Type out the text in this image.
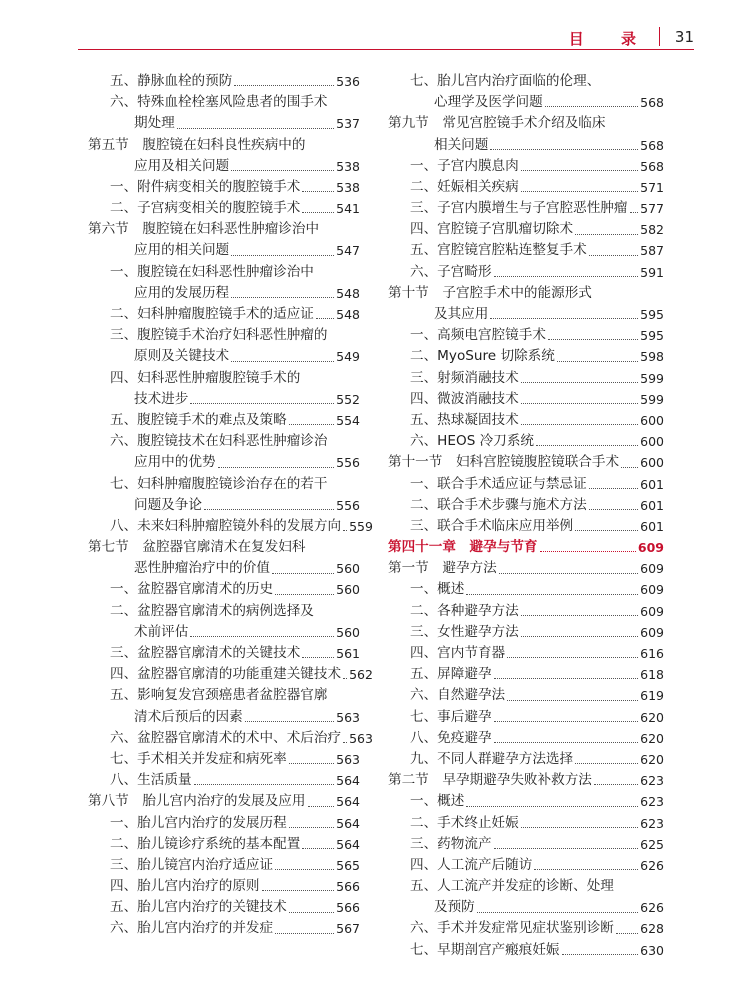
目 录 31
五、静脉血栓的预防	536
六、特殊血栓栓塞风险患者的围手术
期处理	537
第五节　腹腔镜在妇科良性疾病中的
应用及相关问题	538
一、附件病变相关的腹腔镜手术	538
二、子宫病变相关的腹腔镜手术	541
第六节　腹腔镜在妇科恶性肿瘤诊治中
应用的相关问题	547
一、腹腔镜在妇科恶性肿瘤诊治中
应用的发展历程	548
二、妇科肿瘤腹腔镜手术的适应证 548
三、腹腔镜手术治疗妇科恶性肿瘤的
原则及关键技术	549
四、妇科恶性肿瘤腹腔镜手术的
技术进步	552
五、腹腔镜手术的难点及策略	554
六、腹腔镜技术在妇科恶性肿瘤诊治
应用中的优势	556
七、妇科肿瘤腹腔镜诊治存在的若干
问题及争论	556
八、未来妇科肿瘤腔镜外科的发展方向 559
第七节　盆腔器官廓清术在复发妇科
恶性肿瘤治疗中的价值	560
一、盆腔器官廓清术的历史	560
二、盆腔器官廓清术的病例选择及
术前评估	560
三、盆腔器官廓清术的关键技术	561
四、盆腔器官廓清的功能重建关键技术 562
五、影响复发宫颈癌患者盆腔器官廓
清术后预后的因素	563
六、盆腔器官廓清术的术中、术后治疗 563
七、手术相关并发症和病死率	563
八、生活质量	564
第八节　胎儿宫内治疗的发展及应用 564
一、胎儿宫内治疗的发展历程	564
二、胎儿镜诊疗系统的基本配置	564
三、胎儿镜宫内治疗适应证	565
四、胎儿宫内治疗的原则	566
五、胎儿宫内治疗的关键技术	566
六、胎儿宫内治疗的并发症	567
七、胎儿宫内治疗面临的伦理、
心理学及医学问题	568
第九节　常见宫腔镜手术介绍及临床
相关问题	568
一、子宫内膜息肉	568
二、妊娠相关疾病	571
三、子宫内膜增生与子宫腔恶性肿瘤 577
四、宫腔镜子宫肌瘤切除术	582
五、宫腔镜宫腔粘连整复手术	587
六、子宫畸形	591
第十节　子宫腔手术中的能源形式
及其应用	595
一、高频电宫腔镜手术	595
二、MyoSure 切除系统	598
三、射频消融技术	599
四、微波消融技术	599
五、热球凝固技术	600
六、HEOS 冷刀系统	600
第十一节　妇科宫腔镜腹腔镜联合手术 600
一、联合手术适应证与禁忌证	601
二、联合手术步骤与施术方法	601
三、联合手术临床应用举例	601
第四十一章　避孕与节育	609
第一节　避孕方法	609
一、概述	609
二、各种避孕方法	609
三、女性避孕方法	609
四、宫内节育器	616
五、屏障避孕	618
六、自然避孕法	619
七、事后避孕	620
八、免疫避孕	620
九、不同人群避孕方法选择	620
第二节　早孕期避孕失败补救方法	623
一、概述	623
二、手术终止妊娠	623
三、药物流产	625
四、人工流产后随访	626
五、人工流产并发症的诊断、处理
及预防	626
六、手术并发症常见症状鉴别诊断 628
七、早期剖宫产瘢痕妊娠	630
